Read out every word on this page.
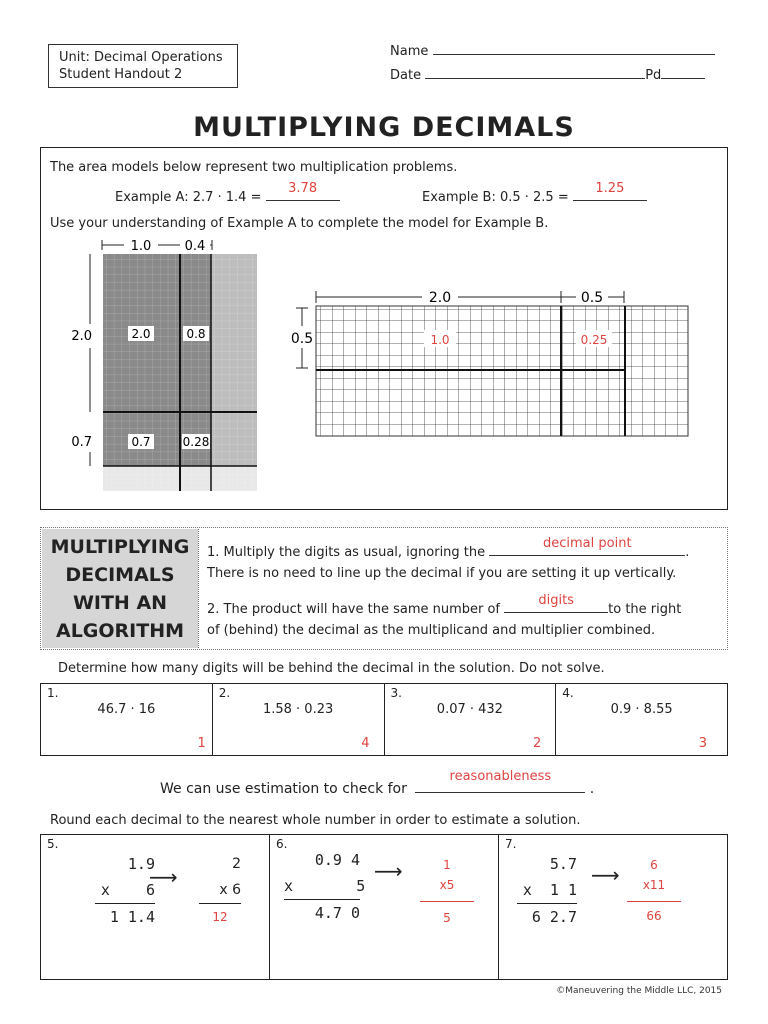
Unit: Decimal Operations
Student Handout 2
Name
Date	Pd
MULTIPLYING DECIMALS
The area models below represent two multiplication problems.
Example A: 2.7 · 1.4 =
3.78
Example B: 0.5 · 2.5 =
1.25
Use your understanding of Example A to complete the model for Example B.
1.0	0.4
2.0
0.7
2.0	0.8
0.7	0.28
2.0	0.5
0.5	1.0	0.25
MULTIPLYING
DECIMALS
WITH AN
ALGORITHM
1. Multiply the digits as usual, ignoring the
decimal point
.
There is no need to line up the decimal if you are setting it up vertically.
2. The product will have the same number of
digits
to the right
of (behind) the decimal as the multiplicand and multiplier combined.
Determine how many digits will be behind the decimal in the solution. Do not solve.
1.
46.7 · 16
1

2.
1.58 · 0.23
4

3.
0.07 · 432
2

4.
0.9 · 8.55
3
We can use estimation to check for
reasonableness
.
Round each decimal to the nearest whole number in order to estimate a solution.
5.
1.9
x    6
1 1.4
⟶
2
x 6
12

6.
0.9 4
x       5
4.7 0
⟶	1
x5
5

7.
5.7
x  1 1
6 2.7
⟶	6
x11
66
©Maneuvering the Middle LLC, 2015
